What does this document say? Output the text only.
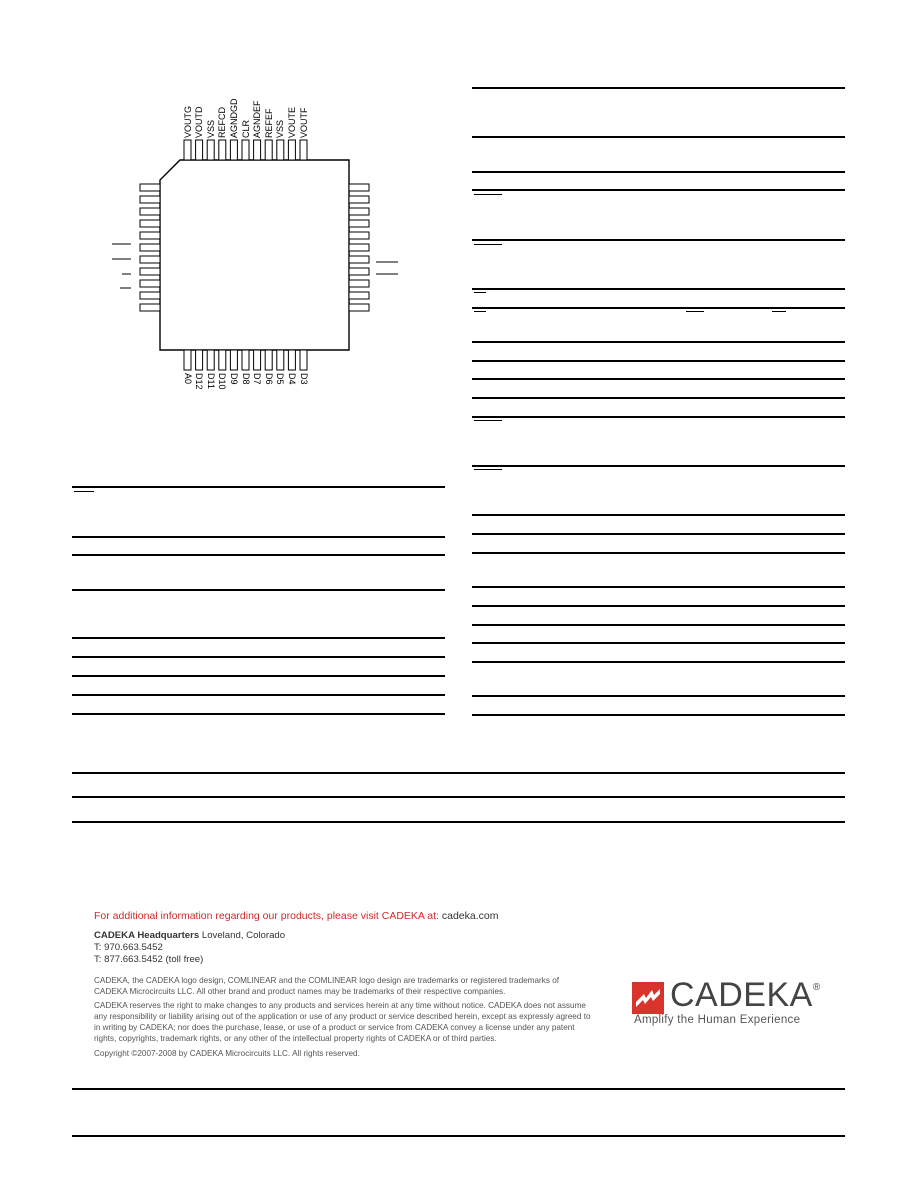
VOUTG VOUTD VSS REFCD AGNDGD CLR AGNDEF REFEF VSS VOUTE VOUTF
A0 D12 D11 D10 D9 D8 D7 D6 D5 D4 D3
For additional information regarding our products, please visit CADEKA at: cadeka.com
CADEKA Headquarters Loveland, Colorado
T: 970.663.5452
T: 877.663.5452 (toll free)
CADEKA, the CADEKA logo design, COMLINEAR and the COMLINEAR logo design are trademarks or registered trademarks of CADEKA Microcircuits LLC. All other brand and product names may be trademarks of their respective companies.
CADEKA reserves the right to make changes to any products and services herein at any time without notice. CADEKA does not assume any responsibility or liability arising out of the application or use of any product or service described herein, except as expressly agreed to in writing by CADEKA; nor does the purchase, lease, or use of a product or service from CADEKA convey a license under any patent rights, copyrights, trademark rights, or any other of the intellectual property rights of CADEKA or of third parties.
Copyright ©2007-2008 by CADEKA Microcircuits LLC. All rights reserved.
CADEKA®
Amplify the Human Experience
